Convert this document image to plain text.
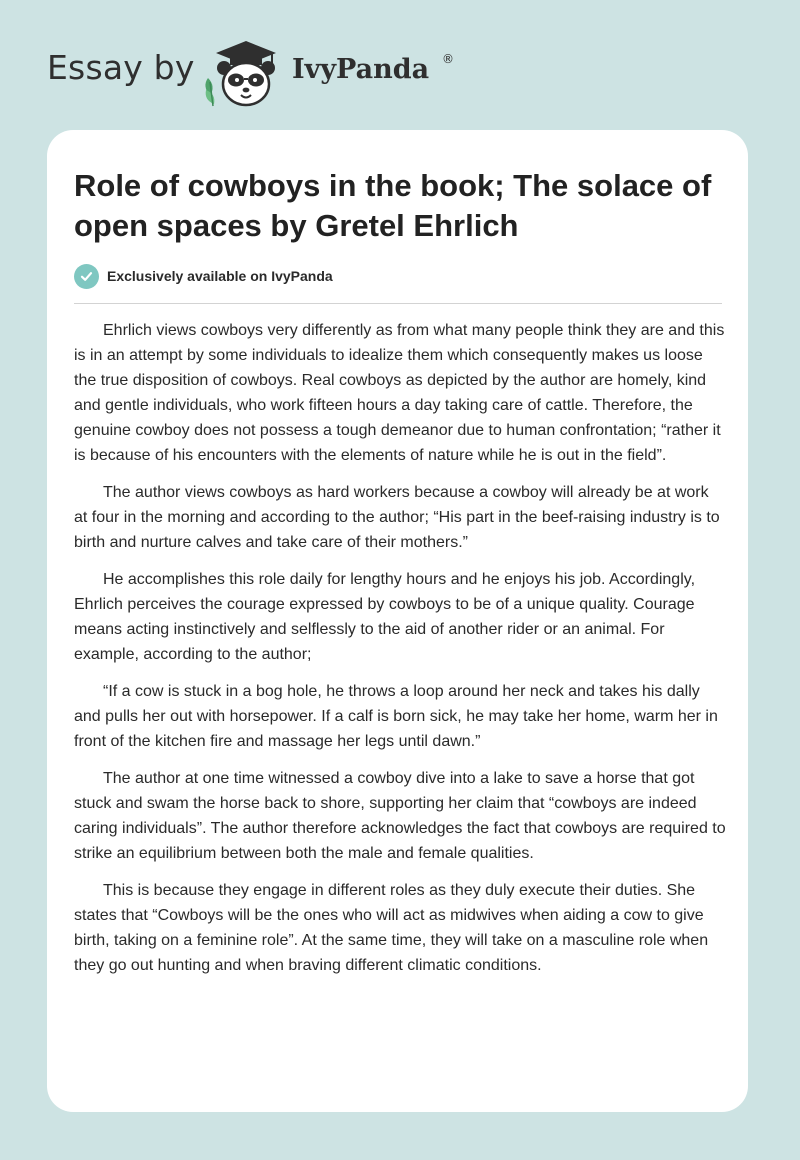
Essay by	IvyPanda ®
Role of cowboys in the book; The solace of open spaces by Gretel Ehrlich
Exclusively available on IvyPanda

Ehrlich views cowboys very differently as from what many people think they are and this is in an attempt by some individuals to idealize them which consequently makes us loose the true disposition of cowboys. Real cowboys as depicted by the author are homely, kind and gentle individuals, who work fifteen hours a day taking care of cattle. Therefore, the genuine cowboy does not possess a tough demeanor due to human confrontation; “rather it is because of his encounters with the elements of nature while he is out in the field”.

The author views cowboys as hard workers because a cowboy will already be at work at four in the morning and according to the author; “His part in the beef-raising industry is to birth and nurture calves and take care of their mothers.”

He accomplishes this role daily for lengthy hours and he enjoys his job. Accordingly, Ehrlich perceives the courage expressed by cowboys to be of a unique quality. Courage means acting instinctively and selflessly to the aid of another rider or an animal. For example, according to the author;

“If a cow is stuck in a bog hole, he throws a loop around her neck and takes his dally and pulls her out with horsepower. If a calf is born sick, he may take her home, warm her in front of the kitchen fire and massage her legs until dawn.”

The author at one time witnessed a cowboy dive into a lake to save a horse that got stuck and swam the horse back to shore, supporting her claim that “cowboys are indeed caring individuals”. The author therefore acknowledges the fact that cowboys are required to strike an equilibrium between both the male and female qualities.

This is because they engage in different roles as they duly execute their duties. She states that “Cowboys will be the ones who will act as midwives when aiding a cow to give birth, taking on a feminine role”. At the same time, they will take on a masculine role when they go out hunting and when braving different climatic conditions.
